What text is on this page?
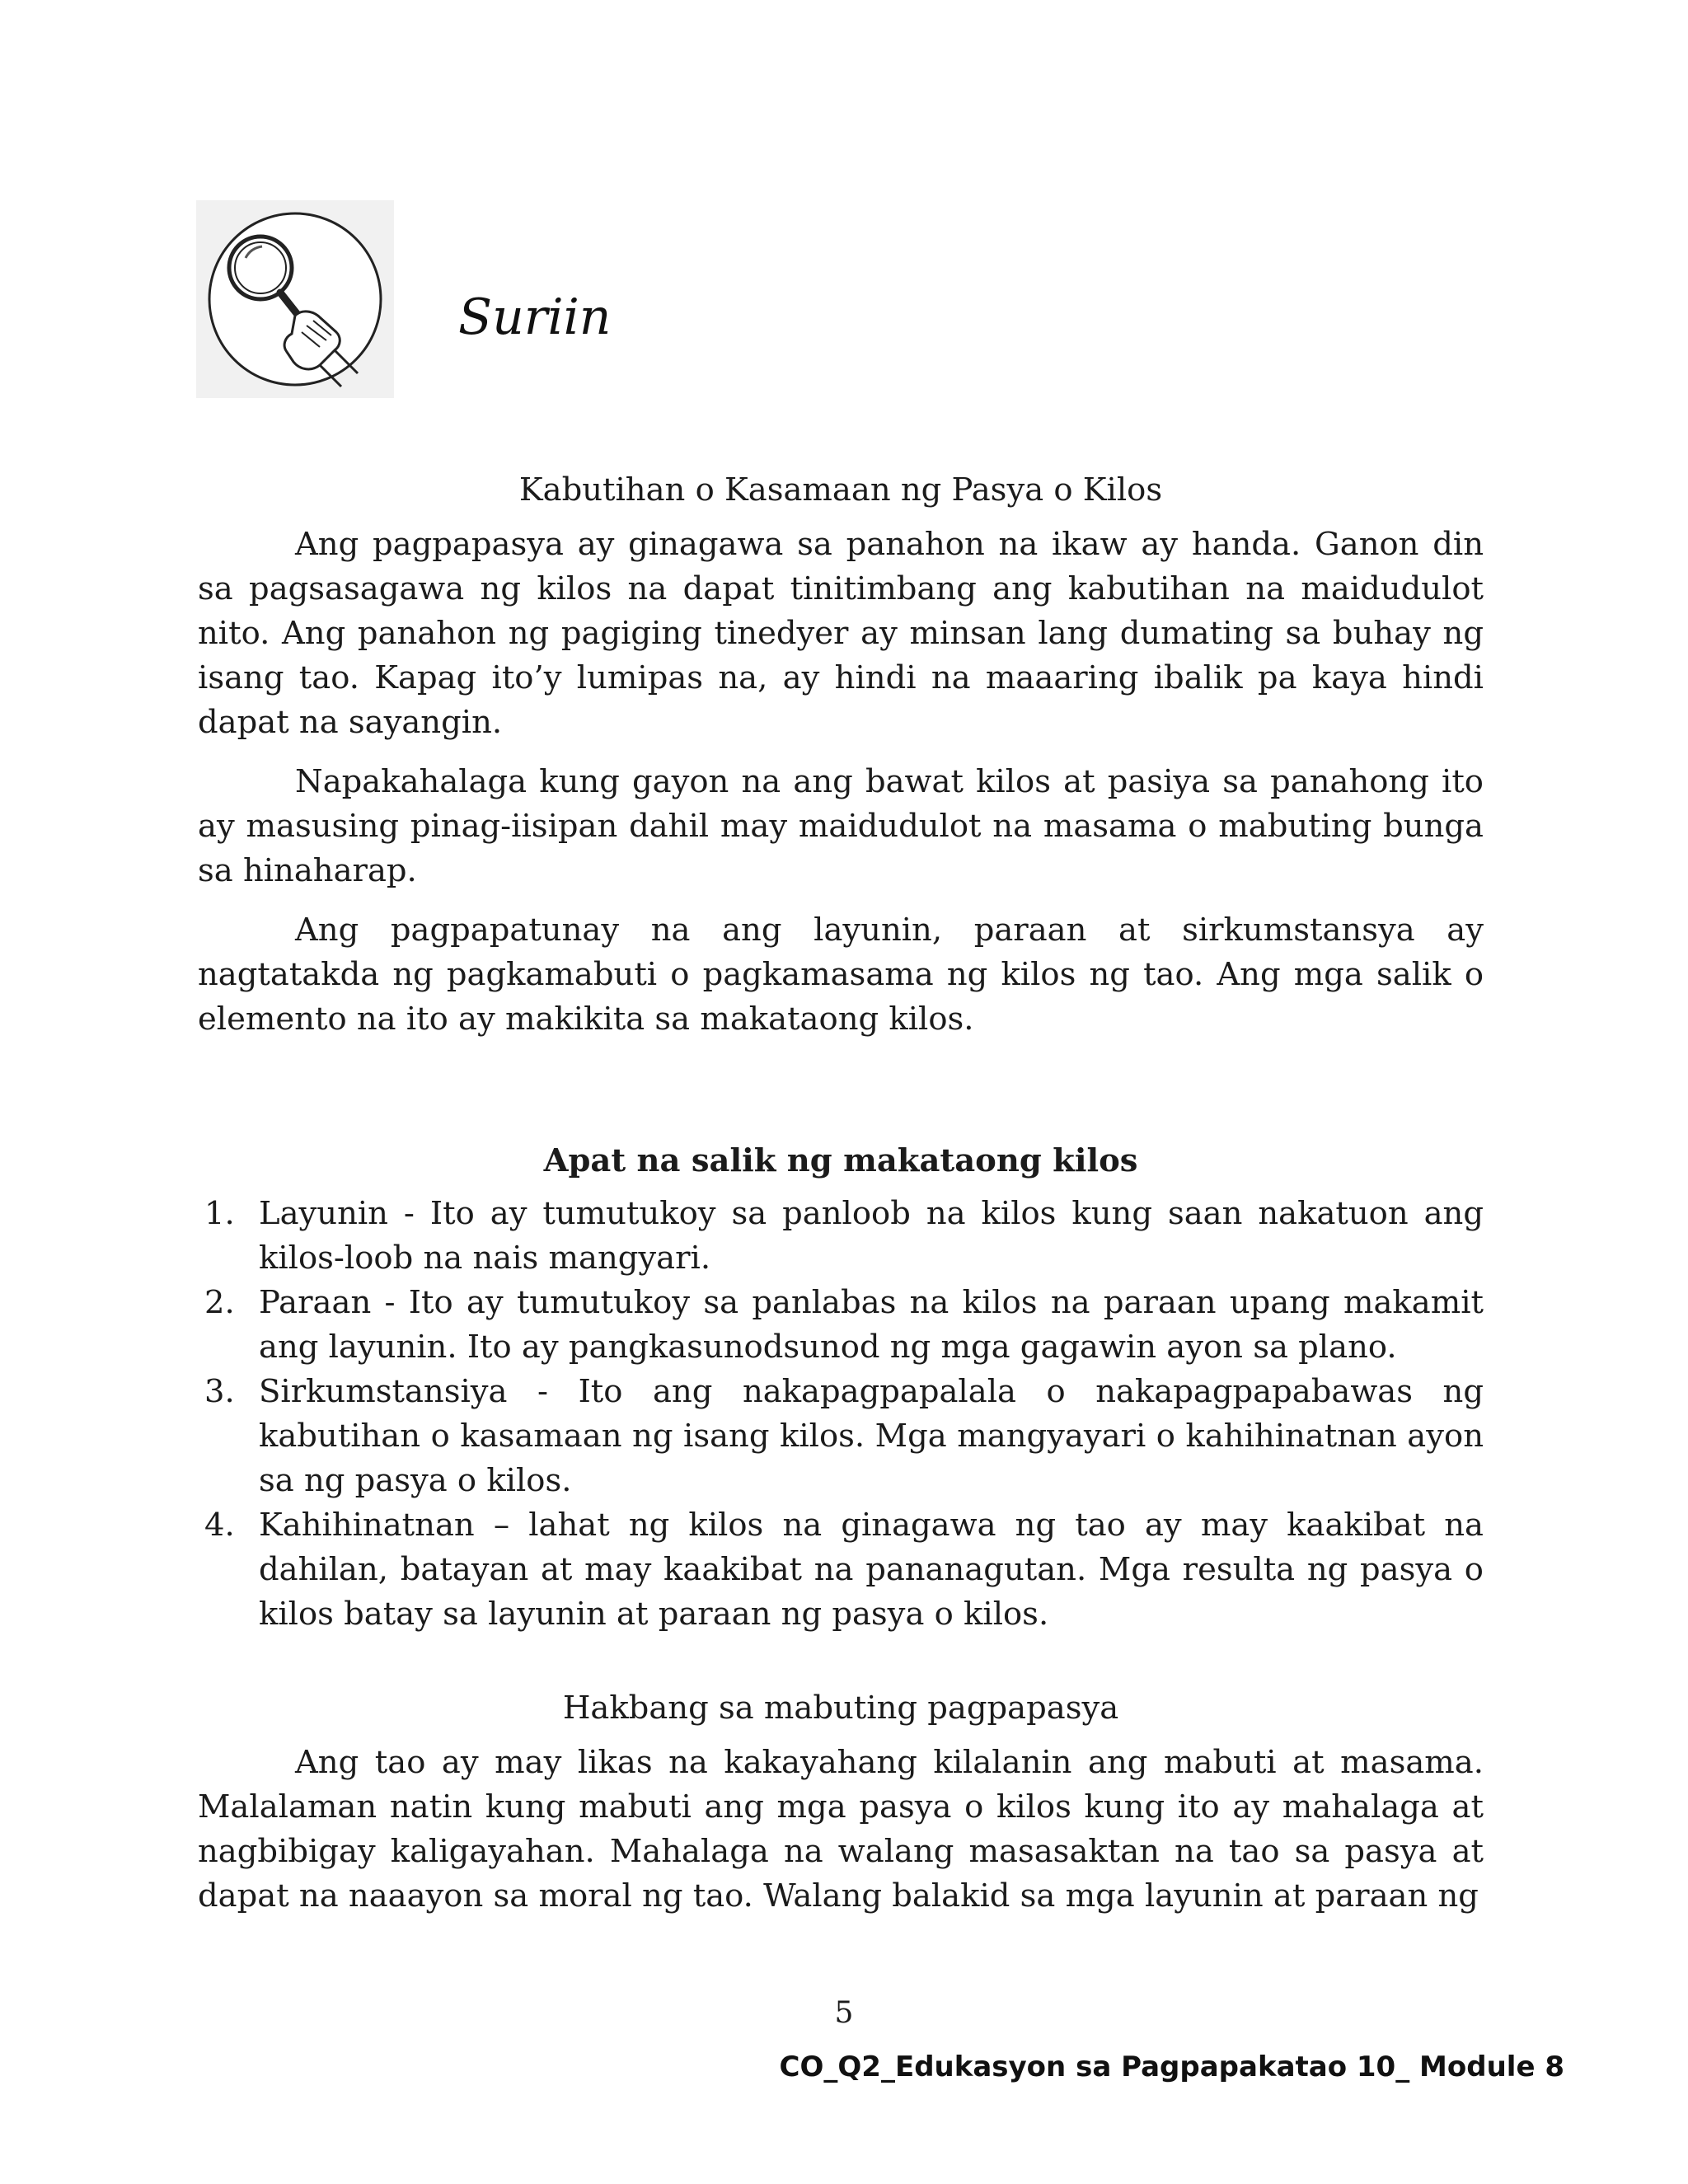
Suriin
Kabutihan o Kasamaan ng Pasya o Kilos

Ang pagpapasya ay ginagawa sa panahon na ikaw ay handa. Ganon din sa pagsasagawa ng kilos na dapat tinitimbang ang kabutihan na maidudulot nito. Ang panahon ng pagiging tinedyer ay minsan lang dumating sa buhay ng isang tao. Kapag ito’y lumipas na, ay hindi na maaaring ibalik pa kaya hindi dapat na sayangin.

Napakahalaga kung gayon na ang bawat kilos at pasiya sa panahong ito ay masusing pinag-iisipan dahil may maidudulot na masama o mabuting bunga sa hinaharap.

Ang pagpapatunay na ang layunin, paraan at sirkumstansya ay nagtatakda ng pagkamabuti o pagkamasama ng kilos ng tao. Ang mga salik o elemento na ito ay makikita sa makataong kilos.

Apat na salik ng makataong kilos
1. Layunin - Ito ay tumutukoy sa panloob na kilos kung saan nakatuon ang kilos-loob na nais mangyari.
2. Paraan - Ito ay tumutukoy sa panlabas na kilos na paraan upang makamit ang layunin. Ito ay pangkasunodsunod ng mga gagawin ayon sa plano.
3. Sirkumstansiya - Ito ang nakapagpapalala o nakapagpapabawas ng kabutihan o kasamaan ng isang kilos. Mga mangyayari o kahihinatnan ayon sa ng pasya o kilos.
4. Kahihinatnan – lahat ng kilos na ginagawa ng tao ay may kaakibat na dahilan, batayan at may kaakibat na pananagutan. Mga resulta ng pasya o kilos batay sa layunin at paraan ng pasya o kilos.
Hakbang sa mabuting pagpapasya

Ang tao ay may likas na kakayahang kilalanin ang mabuti at masama. Malalaman natin kung mabuti ang mga pasya o kilos kung ito ay mahalaga at nagbibigay kaligayahan. Mahalaga na walang masasaktan na tao sa pasya at dapat na naaayon sa moral ng tao. Walang balakid sa mga layunin at paraan ng

5
CO_Q2_Edukasyon sa Pagpapakatao 10_ Module 8
